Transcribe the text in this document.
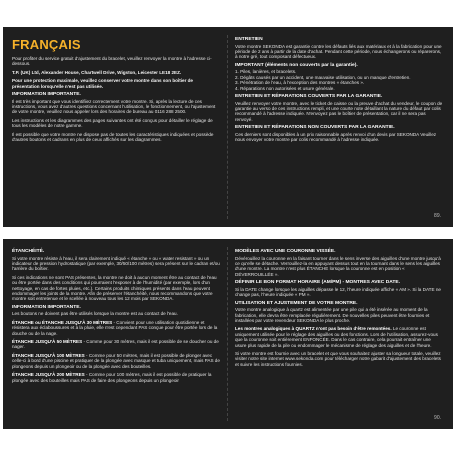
FRANÇAIS

Pour profiter du service gratuit d'ajustement du bracelet, veuillez renvoyer la montre à l'adresse ci-dessous.

T.P. (UK) Ltd, Alexander House, Chartwell Drive, Wigston, Leicester LE18 2EZ.

Pour une protection maximale, veuillez conserver votre montre dans son boîtier de présentation lorsqu'elle n'est pas utilisée.

INFORMATION IMPORTANTE.

Il est très important que vous identifiiez correctement votre montre. Si, après la lecture de ces instructions, vous avez d'autres questions concernant l'utilisation, le fonctionnement, ou l'ajustement de votre montre, veuillez nous appeler lors des horaires de bureau au 0116 288 2500.

Les instructions et les diagrammes des pages suivantes ont été conçus pour détailler le réglage de tous les modèles de notre gamme.

Il est possible que votre montre ne dispose pas de toutes les caractéristiques indiquées et possède d'autres boutons et cadrans en plus de ceux affichés sur les diagrammes.

ENTRETIEN

Votre montre SEKONDA est garantie contre les défauts liés aux matériaux et à la fabrication pour une période de 2 ans à partir de la date d'achat. Pendant cette période, nous échangerons ou réparerons, à notre gré, tout composant défectueux.

IMPORTANT (éléments non couverts par la garantie).

1. Piles, lanières, et bracelets.
2. Dégâts causés par un accident, une mauvaise utilisation, ou un manque d'entretien.
3. Pénétration de l'eau, à l'exception des montres « étanches ».
4. Réparations non autorisées et usure générale.

ENTRETIEN ET RÉPARATIONS COUVERTS PAR LA GARANTIE.

Veuillez renvoyer votre montre, avec le ticket de caisse ou la preuve d'achat du vendeur, le coupon de garantie au verso de ces instructions rempli, et une courte note détaillant la nature du défaut par colis recommandé à l'adresse indiquée. N'envoyez pas le boîtier de présentation, car il ne sera pas renvoyé.

ENTRETIEN ET RÉPARATIONS NON COUVERTS PAR LA GARANTIE.

Ces derniers sont disponibles à un prix raisonnable après renvoi d'un devis par SEKONDA Veuillez nous envoyer votre montre par colis recommandé à l'adresse indiquée.

89.
ÉTANCHÉITÉ.

Si votre montre résiste à l'eau, il sera clairement indiqué « étanche » ou « water resistant » ou un indicateur de pression hydrostatique (par exemple, 30/50/100 mètres) sera présent sur le cadran et/ou l'arrière du boîtier.

Si ces indications ne sont PAS présentes, la montre ne doit à aucun moment être au contact de l'eau ou être portée dans des conditions qui pourraient l'exposer à de l'humidité (par exemple, lors d'un nettoyage, en cas de fortes pluies, etc.). Certains produits chimiques présents dans l'eau peuvent endommager les joints de la montre. Afin de préserver l'étanchéité, nous recommandons que votre montre soit entretenue et le scellée à nouveau tous les 12 mois par SEKONDA.

INFORMATION IMPORTANTE.

Les boutons ne doivent pas être utilisés lorsque la montre est au contact de l'eau.

ÉTANCHE ou ÉTANCHE JUSQU'À 30 MÈTRES - Convient pour une utilisation quotidienne et résistera aux éclaboussures et à la pluie, elle n'est cependant PAS conçue pour être portée lors de la douche ou de la nage.

ÉTANCHE JUSQU'À 50 MÈTRES - Comme pour 30 mètres, mais il est possible de se doucher ou de nager.

ÉTANCHE JUSQU'À 100 MÈTRES - Comme pour 50 mètres, mais il est possible de plonger avec celle-ci à bord d'une piscine et pratiquer de la plongée avec masque et tuba uniquement, mais PAS de plongeons depuis un plongeoir ou de la plongée avec des bouteilles.

ÉTANCHE JUSQU'À 200 MÈTRES - Comme pour 100 mètres, mais il est possible de pratiquer la plongée avec des bouteilles mais PAS de faire des plongeons depuis un plongeoir

MODÈLES AVEC UNE COURONNE VISSÉE.

Dévérouillez la couronne en la faisant tourner dans le sens inverse des aiguilles d'une montre jusqu'à ce qu'elle se détache. Verrouillez-la en appuyant dessus tout en la tournant dans le sens les aiguilles d'une montre. La montre n'est plus ÉTANCHE lorsque la couronne est en position « DÉVERROUILLÉE ».

DÉFINIR LE BON FORMAT HORAIRE (AM/PM) - MONTRES AVEC DATE.

Si la DATE change lorsque les aiguilles dépasse le 12, l'heure indiquée affiche « AM ». Si la DATE ne change pas, l'heure indiquée « PM ».

UTILISATION ET AJUSTEMENT DE VOTRE MONTRE.

Votre montre analogique à quartz est alimentée par une pile qui a été insérée au moment de la fabrication, elle devra être remplacée régulièrement. De nouvelles piles peuvent être fournies et installées par votre revendeur SEKONDA le plus proche.

Les montres analogiques à QUARTZ n'ont pas besoin d'être remontées. Le couronne est uniquement utilisée pour le réglage des aiguilles ou des fonctions. Lors de l'utilisation, assurez-vous que la couronne soit entièrement ENFONCÉE. Dans le cas contraire, cela pourrait entraîner une usure plus rapide de la pile ou endommager le mécanisme de réglage des aiguilles et de l'heure.

Si votre montre est fournie avec un bracelet et que vous souhaitez ajuster sa longueur totale, veuillez visiter notre site internet www.sekonda.com pour télécharger notre gabarit d'ajustement des bracelets et suivre les instructions fournies.

90.
